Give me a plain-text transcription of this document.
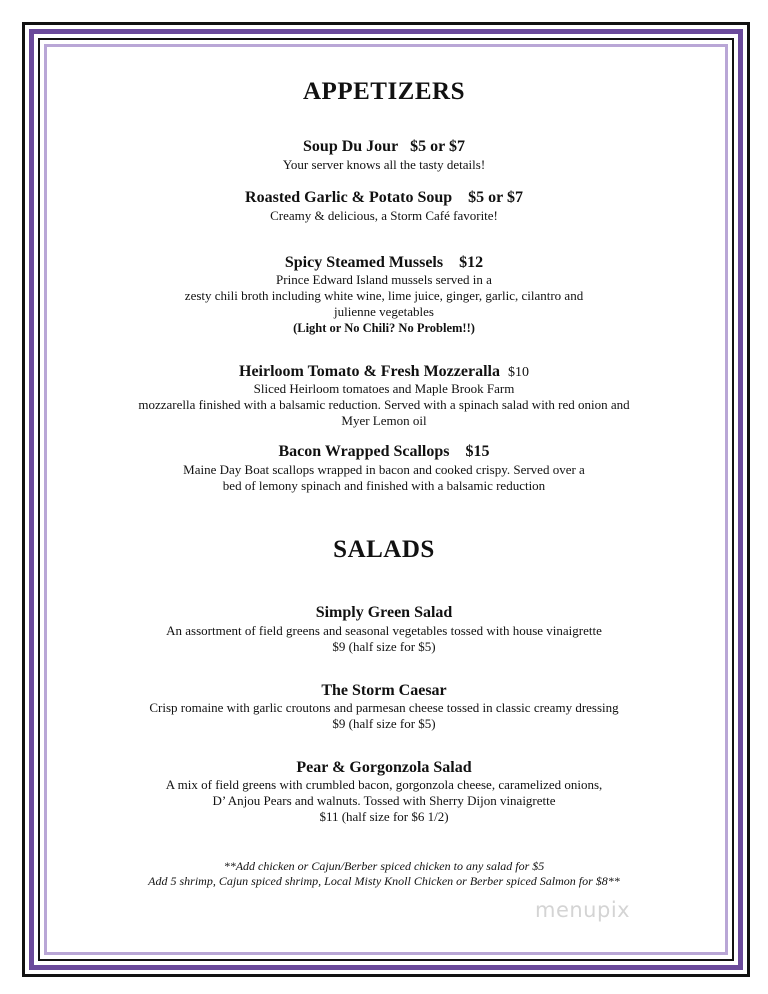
APPETIZERS
Soup Du Jour $5 or $7
Your server knows all the tasty details!
Roasted Garlic & Potato Soup $5 or $7
Creamy & delicious, a Storm Café favorite!
Spicy Steamed Mussels $12
Prince Edward Island mussels served in a
zesty chili broth including white wine, lime juice, ginger, garlic, cilantro and
julienne vegetables
(Light or No Chili? No Problem!!)
Heirloom Tomato & Fresh Mozzeralla $10
Sliced Heirloom tomatoes and Maple Brook Farm
mozzarella finished with a balsamic reduction. Served with a spinach salad with red onion and
Myer Lemon oil
Bacon Wrapped Scallops $15
Maine Day Boat scallops wrapped in bacon and cooked crispy. Served over a
bed of lemony spinach and finished with a balsamic reduction
SALADS
Simply Green Salad
An assortment of field greens and seasonal vegetables tossed with house vinaigrette
$9 (half size for $5)
The Storm Caesar
Crisp romaine with garlic croutons and parmesan cheese tossed in classic creamy dressing
$9 (half size for $5)
Pear & Gorgonzola Salad
A mix of field greens with crumbled bacon, gorgonzola cheese, caramelized onions,
D’ Anjou Pears and walnuts. Tossed with Sherry Dijon vinaigrette
$11 (half size for $6 1/2)
**Add chicken or Cajun/Berber spiced chicken to any salad for $5
Add 5 shrimp, Cajun spiced shrimp, Local Misty Knoll Chicken or Berber spiced Salmon for $8**
menupix
